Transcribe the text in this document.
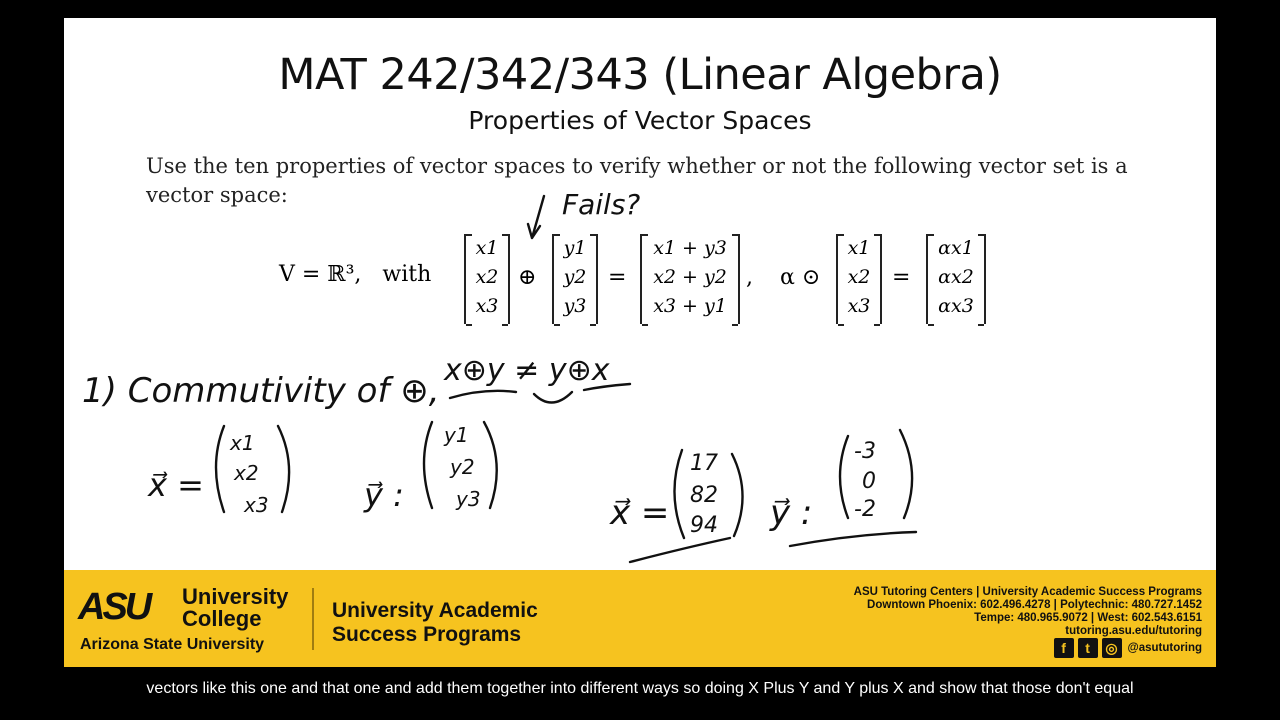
MAT 242/342/343 (Linear Algebra)
Properties of Vector Spaces
Use the ten properties of vector spaces to verify whether or not the following vector set is a vector space:
V = ℝ³, with
x1
x2
x3
⊕
y1
y2
y3
=
x1 + y3
x2 + y2
x3 + y1
, α ⊙
x1
x2
x3
=
αx1
αx2
αx3
Fails?
1) Commutivity of ⊕,
x⊕y ≠ y⊕x
x⃗ =
x1
x2
x3	y⃗ :
y1
y2
y3	x⃗ =
17
82
94 y⃗ :
-3
0
-2
ASU University
College
Arizona State University
University Academic
Success Programs
ASU Tutoring Centers | University Academic Success Programs
Downtown Phoenix: 602.496.4278 | Polytechnic: 480.727.1452
Tempe: 480.965.9072 | West: 602.543.6151
tutoring.asu.edu/tutoring
f	t	◎ @asututoring
vectors like this one and that one and add them together into different ways so doing X Plus Y and Y plus X and show that those don't equal
